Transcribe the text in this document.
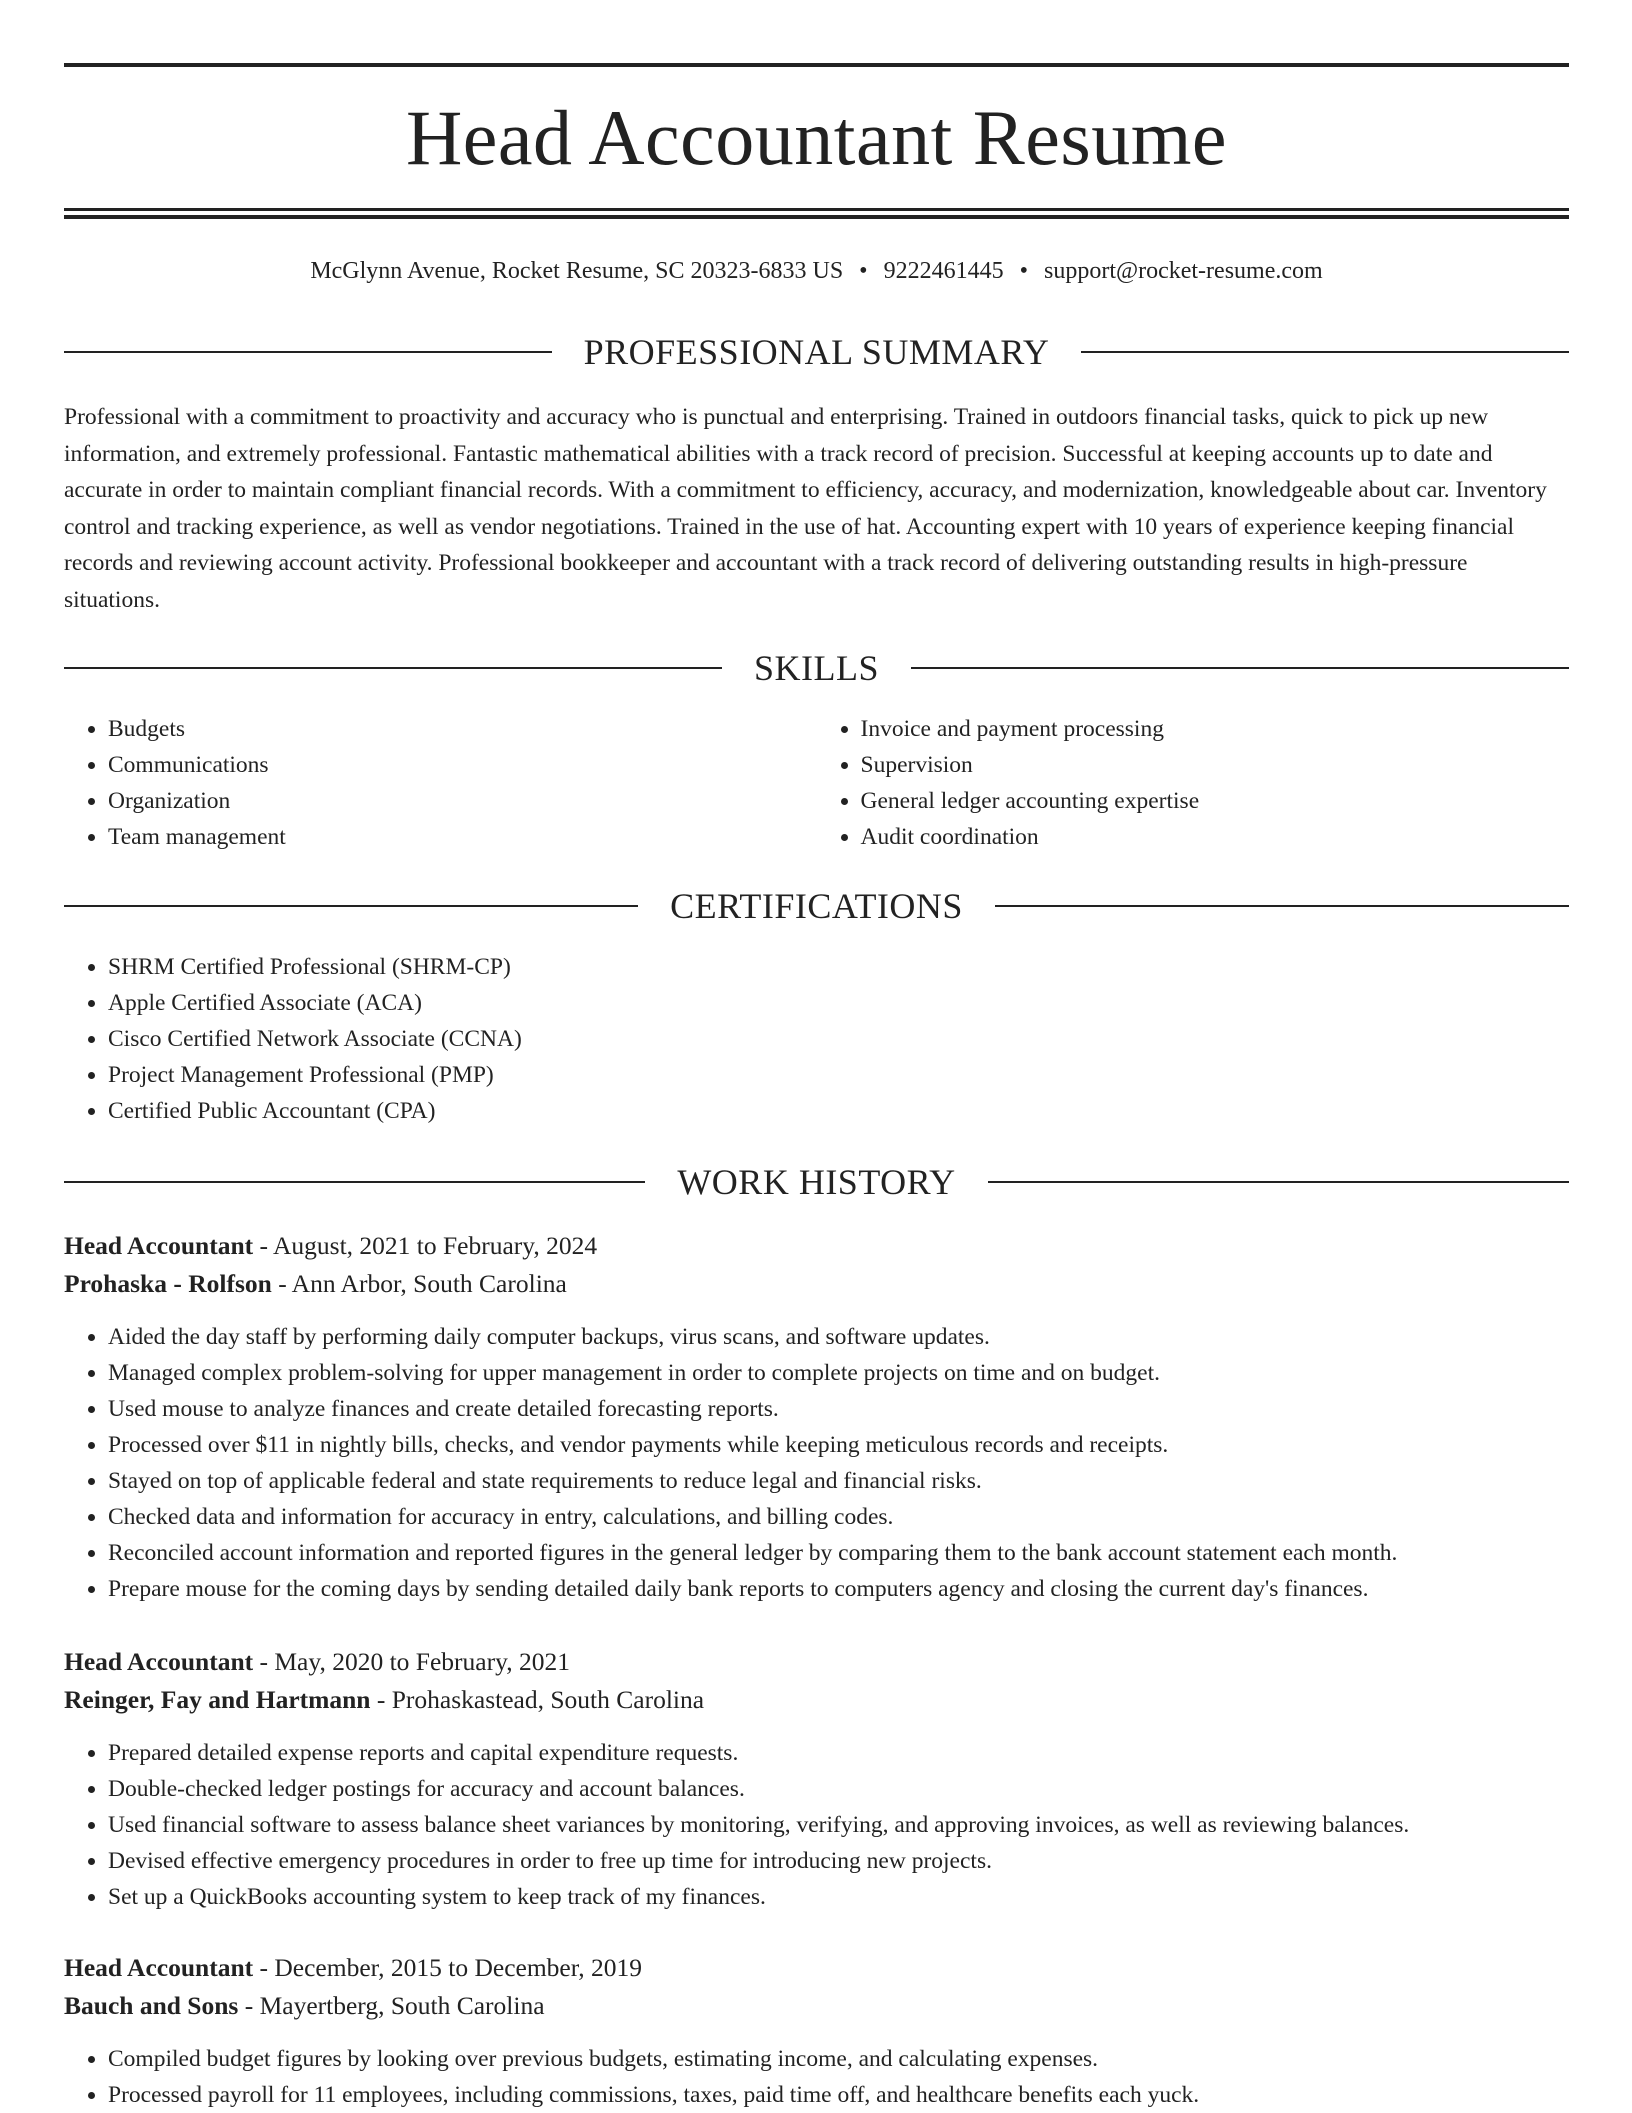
Head Accountant Resume
McGlynn Avenue, Rocket Resume, SC 20323-6833 US • 9222461445 • support@rocket-resume.com
PROFESSIONAL SUMMARY

Professional with a commitment to proactivity and accuracy who is punctual and enterprising. Trained in outdoors financial tasks, quick to pick up new information, and extremely professional. Fantastic mathematical abilities with a track record of precision. Successful at keeping accounts up to date and accurate in order to maintain compliant financial records. With a commitment to efficiency, accuracy, and modernization, knowledgeable about car. Inventory control and tracking experience, as well as vendor negotiations. Trained in the use of hat. Accounting expert with 10 years of experience keeping financial records and reviewing account activity. Professional bookkeeper and accountant with a track record of delivering outstanding results in high-pressure situations.

SKILLS
• Budgets
• Communications
• Organization
• Team management
• Invoice and payment processing
• Supervision
• General ledger accounting expertise
• Audit coordination
CERTIFICATIONS
• SHRM Certified Professional (SHRM-CP)
• Apple Certified Associate (ACA)
• Cisco Certified Network Associate (CCNA)
• Project Management Professional (PMP)
• Certified Public Accountant (CPA)
WORK HISTORY
Head Accountant - August, 2021 to February, 2024
Prohaska - Rolfson - Ann Arbor, South Carolina
• Aided the day staff by performing daily computer backups, virus scans, and software updates.
• Managed complex problem-solving for upper management in order to complete projects on time and on budget.
• Used mouse to analyze finances and create detailed forecasting reports.
• Processed over $11 in nightly bills, checks, and vendor payments while keeping meticulous records and receipts.
• Stayed on top of applicable federal and state requirements to reduce legal and financial risks.
• Checked data and information for accuracy in entry, calculations, and billing codes.
• Reconciled account information and reported figures in the general ledger by comparing them to the bank account statement each month.
• Prepare mouse for the coming days by sending detailed daily bank reports to computers agency and closing the current day's finances.
Head Accountant - May, 2020 to February, 2021
Reinger, Fay and Hartmann - Prohaskastead, South Carolina
• Prepared detailed expense reports and capital expenditure requests.
• Double-checked ledger postings for accuracy and account balances.
• Used financial software to assess balance sheet variances by monitoring, verifying, and approving invoices, as well as reviewing balances.
• Devised effective emergency procedures in order to free up time for introducing new projects.
• Set up a QuickBooks accounting system to keep track of my finances.
Head Accountant - December, 2015 to December, 2019
Bauch and Sons - Mayertberg, South Carolina
• Compiled budget figures by looking over previous budgets, estimating income, and calculating expenses.
• Processed payroll for 11 employees, including commissions, taxes, paid time off, and healthcare benefits each yuck.
